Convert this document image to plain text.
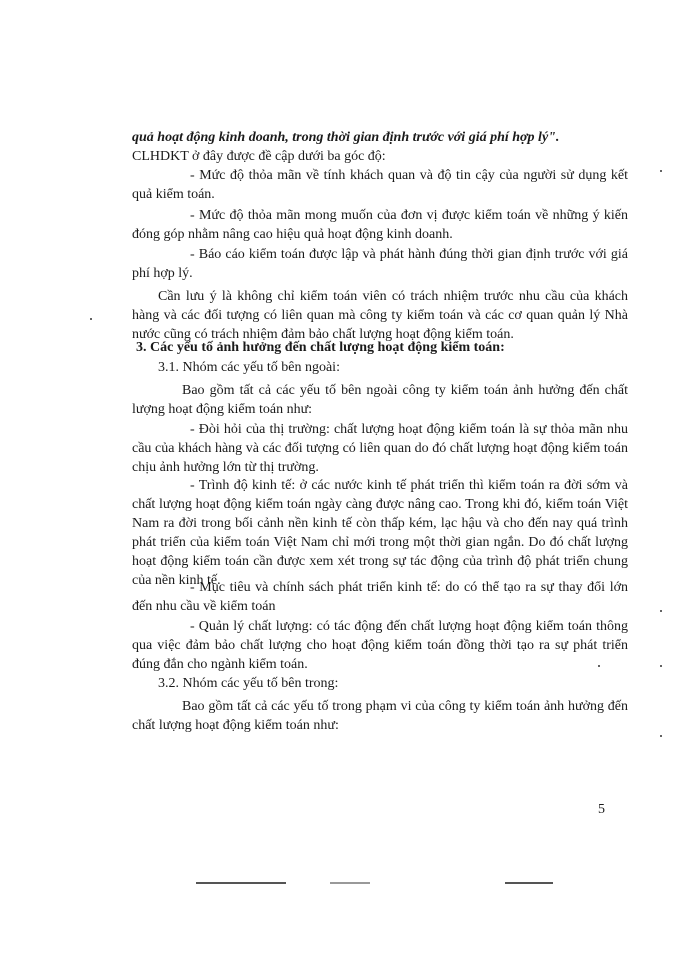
quả hoạt động kinh doanh, trong thời gian định trước với giá phí hợp lý".

CLHDKT ở đây được đề cập dưới ba góc độ:

- Mức độ thỏa mãn về tính khách quan và độ tin cậy của người sử dụng kết quả kiểm toán.

- Mức độ thỏa mãn mong muốn của đơn vị được kiểm toán về những ý kiến đóng góp nhằm nâng cao hiệu quả hoạt động kinh doanh.

- Báo cáo kiểm toán được lập và phát hành đúng thời gian định trước với giá phí hợp lý.

Cần lưu ý là không chỉ kiểm toán viên có trách nhiệm trước nhu cầu của khách hàng và các đối tượng có liên quan mà công ty kiểm toán và các cơ quan quản lý Nhà nước cũng có trách nhiệm đảm bảo chất lượng hoạt động kiểm toán.

3. Các yếu tố ảnh hưởng đến chất lượng hoạt động kiểm toán:

3.1. Nhóm các yếu tố bên ngoài:

Bao gồm tất cả các yếu tố bên ngoài công ty kiểm toán ảnh hưởng đến chất lượng hoạt động kiểm toán như:

- Đòi hỏi của thị trường: chất lượng hoạt động kiểm toán là sự thỏa mãn nhu cầu của khách hàng và các đối tượng có liên quan do đó chất lượng hoạt động kiểm toán chịu ảnh hưởng lớn từ thị trường.

- Trình độ kinh tế: ở các nước kinh tế phát triển thì kiểm toán ra đời sớm và chất lượng hoạt động kiểm toán ngày càng được nâng cao. Trong khi đó, kiểm toán Việt Nam ra đời trong bối cảnh nền kinh tế còn thấp kém, lạc hậu và cho đến nay quá trình phát triển của kiểm toán Việt Nam chỉ mới trong một thời gian ngắn. Do đó chất lượng hoạt động kiểm toán cần được xem xét trong sự tác động của trình độ phát triển chung của nền kinh tế.

- Mục tiêu và chính sách phát triển kinh tế: do có thể tạo ra sự thay đổi lớn đến nhu cầu về kiểm toán

- Quản lý chất lượng: có tác động đến chất lượng hoạt động kiểm toán thông qua việc đảm bảo chất lượng cho hoạt động kiểm toán đồng thời tạo ra sự phát triển đúng đắn cho ngành kiểm toán.

3.2. Nhóm các yếu tố bên trong:

Bao gồm tất cả các yếu tố trong phạm vi của công ty kiểm toán ảnh hưởng đến chất lượng hoạt động kiểm toán như:

5
